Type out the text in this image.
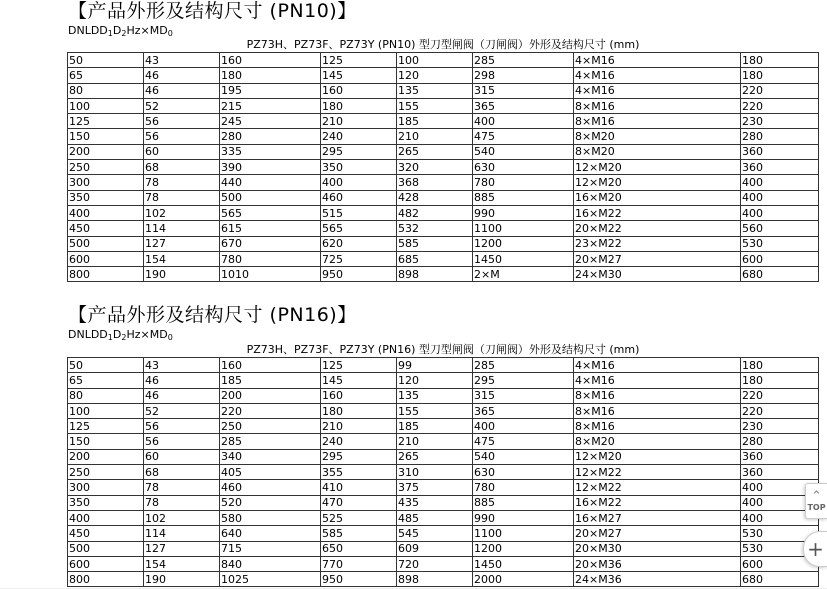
【产品外形及结构尺寸 (PN10)】
$DNLDD_1D_2Hz\times MD_0$
PZ73H、PZ73F、PZ73Y (PN10) 型刀型闸阀（刀闸阀）外形及结构尺寸 (mm)
50	43	160	125	100	285	4×M16	180
65	46	180	145	120	298	4×M16	180
80	46	195	160	135	315	4×M16	220
100	52	215	180	155	365	8×M16	220
125	56	245	210	185	400	8×M16	230
150	56	280	240	210	475	8×M20	280
200	60	335	295	265	540	8×M20	360
250	68	390	350	320	630	12×M20	360
300	78	440	400	368	780	12×M20	400
350	78	500	460	428	885	16×M20	400
400	102	565	515	482	990	16×M22	400
450	114	615	565	532	1100	20×M22	560
500	127	670	620	585	1200	23×M22	530
600	154	780	725	685	1450	20×M27	600
800	190	1010	950	898	2×M	24×M30	680
【产品外形及结构尺寸 (PN16)】
$DNLDD_1D_2Hz\times MD_0$
PZ73H、PZ73F、PZ73Y (PN16) 型刀型闸阀（刀闸阀）外形及结构尺寸 (mm)
50	43	160	125	99	285	4×M16	180
65	46	185	145	120	295	4×M16	180
80	46	200	160	135	315	8×M16	220
100	52	220	180	155	365	8×M16	220
125	56	250	210	185	400	8×M16	230
150	56	285	240	210	475	8×M20	280
200	60	340	295	265	540	12×M20	360
250	68	405	355	310	630	12×M22	360
300	78	460	410	375	780	12×M22	400
350	78	520	470	435	885	16×M22	400
400	102	580	525	485	990	16×M27	400
450	114	640	585	545	1100	20×M27	530
500	127	715	650	609	1200	20×M30	530
600	154	840	770	720	1450	20×M36	600
800	190	1025	950	898	2000	24×M36	680
⌃
TOP
+
